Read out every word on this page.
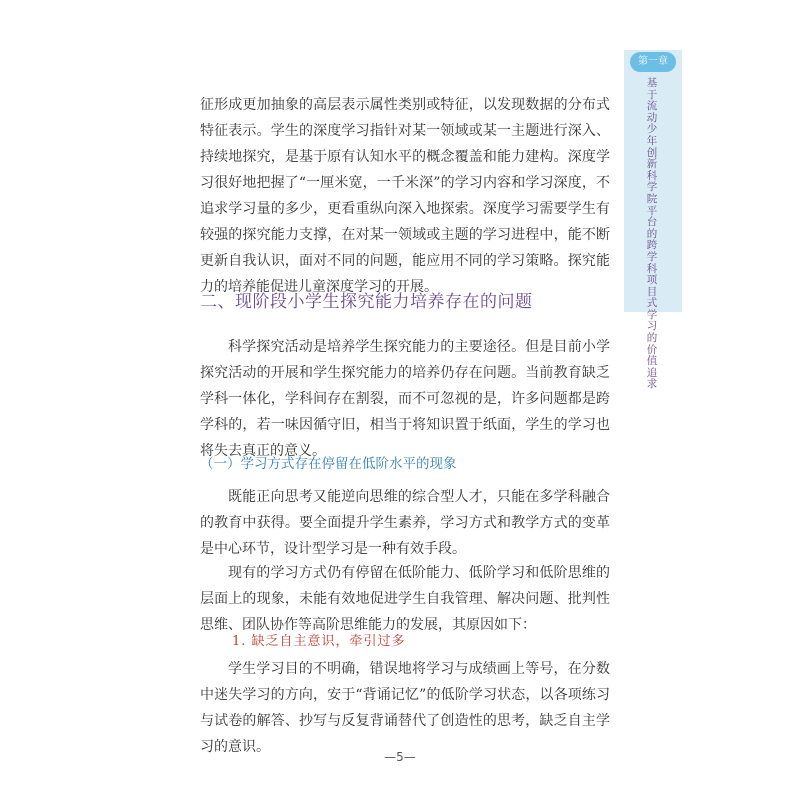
第一章
基于流动少年创新科学院平台的跨学科项目式学习的价值追求
征形成更加抽象的高层表示属性类别或特征，以发现数据的分布式特征表示。学生的深度学习指针对某一领域或某一主题进行深入、持续地探究，是基于原有认知水平的概念覆盖和能力建构。深度学习很好地把握了“一厘米宽，一千米深”的学习内容和学习深度，不追求学习量的多少，更看重纵向深入地探索。深度学习需要学生有较强的探究能力支撑，在对某一领域或主题的学习进程中，能不断更新自我认识，面对不同的问题，能应用不同的学习策略。探究能力的培养能促进儿童深度学习的开展。
二、现阶段小学生探究能力培养存在的问题
科学探究活动是培养学生探究能力的主要途径。但是目前小学探究活动的开展和学生探究能力的培养仍存在问题。当前教育缺乏学科一体化，学科间存在割裂，而不可忽视的是，许多问题都是跨学科的，若一味因循守旧，相当于将知识置于纸面，学生的学习也将失去真正的意义。
（一）学习方式存在停留在低阶水平的现象
既能正向思考又能逆向思维的综合型人才，只能在多学科融合的教育中获得。要全面提升学生素养，学习方式和教学方式的变革是中心环节，设计型学习是一种有效手段。
现有的学习方式仍有停留在低阶能力、低阶学习和低阶思维的层面上的现象，未能有效地促进学生自我管理、解决问题、批判性思维、团队协作等高阶思维能力的发展，其原因如下：
1. 缺乏自主意识，牵引过多
学生学习目的不明确，错误地将学习与成绩画上等号，在分数中迷失学习的方向，安于“背诵记忆”的低阶学习状态，以各项练习与试卷的解答、抄写与反复背诵替代了创造性的思考，缺乏自主学习的意识。
—5—
